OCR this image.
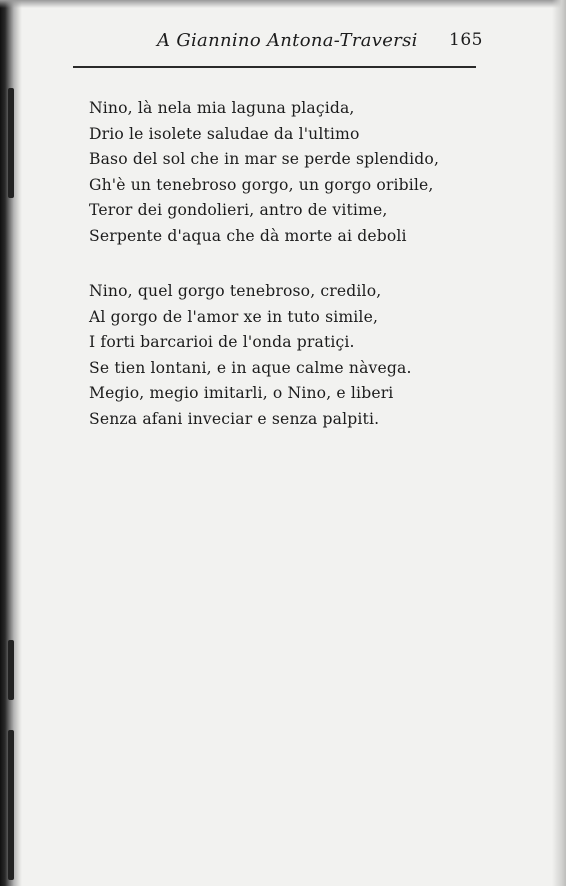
A Giannino Antona-Traversi 165
Nino, là nela mia laguna plaçida,
Drio le isolete saludae da l'ultimo
Baso del sol che in mar se perde splendido,
Gh'è un tenebroso gorgo, un gorgo oribile,
Teror dei gondolieri, antro de vitime,
Serpente d'aqua che dà morte ai deboli
Nino, quel gorgo tenebroso, credilo,
Al gorgo de l'amor xe in tuto simile,
I forti barcarioi de l'onda pratiçi.
Se tien lontani, e in aque calme nàvega.
Megio, megio imitarli, o Nino, e liberi
Senza afani inveciar e senza palpiti.
